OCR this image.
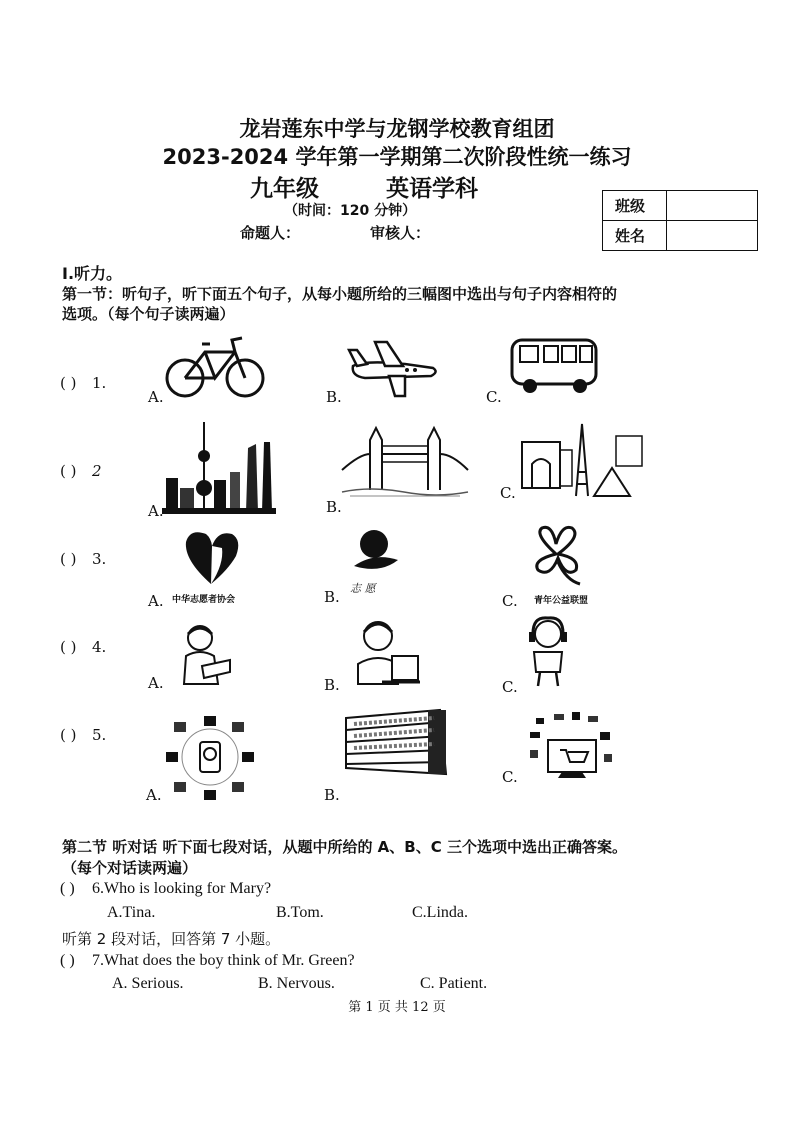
龙岩莲东中学与龙钢学校教育组团
2023-2024 学年第一学期第二次阶段性统一练习
九年级	英语学科
（时间：120 分钟）
命题人：	审核人：
班级	
姓名	
Ⅰ.听力。
第一节：听句子，听下面五个句子，从每小题所给的三幅图中选出与句子内容相符的
选项。（每个句子读两遍）
( ) 1.
A.	B.	C.
( ) 2
A.	B.
C.
( ) 3.
中华志愿者协会
A.
志 愿
B.	青年公益联盟
C.
( ) 4.
A.	B.	C.
( ) 5.
A.	B.
C.
第二节 听对话 听下面七段对话，从题中所给的 A、B、C 三个选项中选出正确答案。
（每个对话读两遍）
( ) 6.Who is looking for Mary?
A.Tina.	B.Tom.	C.Linda.
听第 2 段对话，回答第 7 小题。
( ) 7.What does the boy think of Mr. Green?
A. Serious.	B. Nervous.	C. Patient.
第 1 页 共 12 页
